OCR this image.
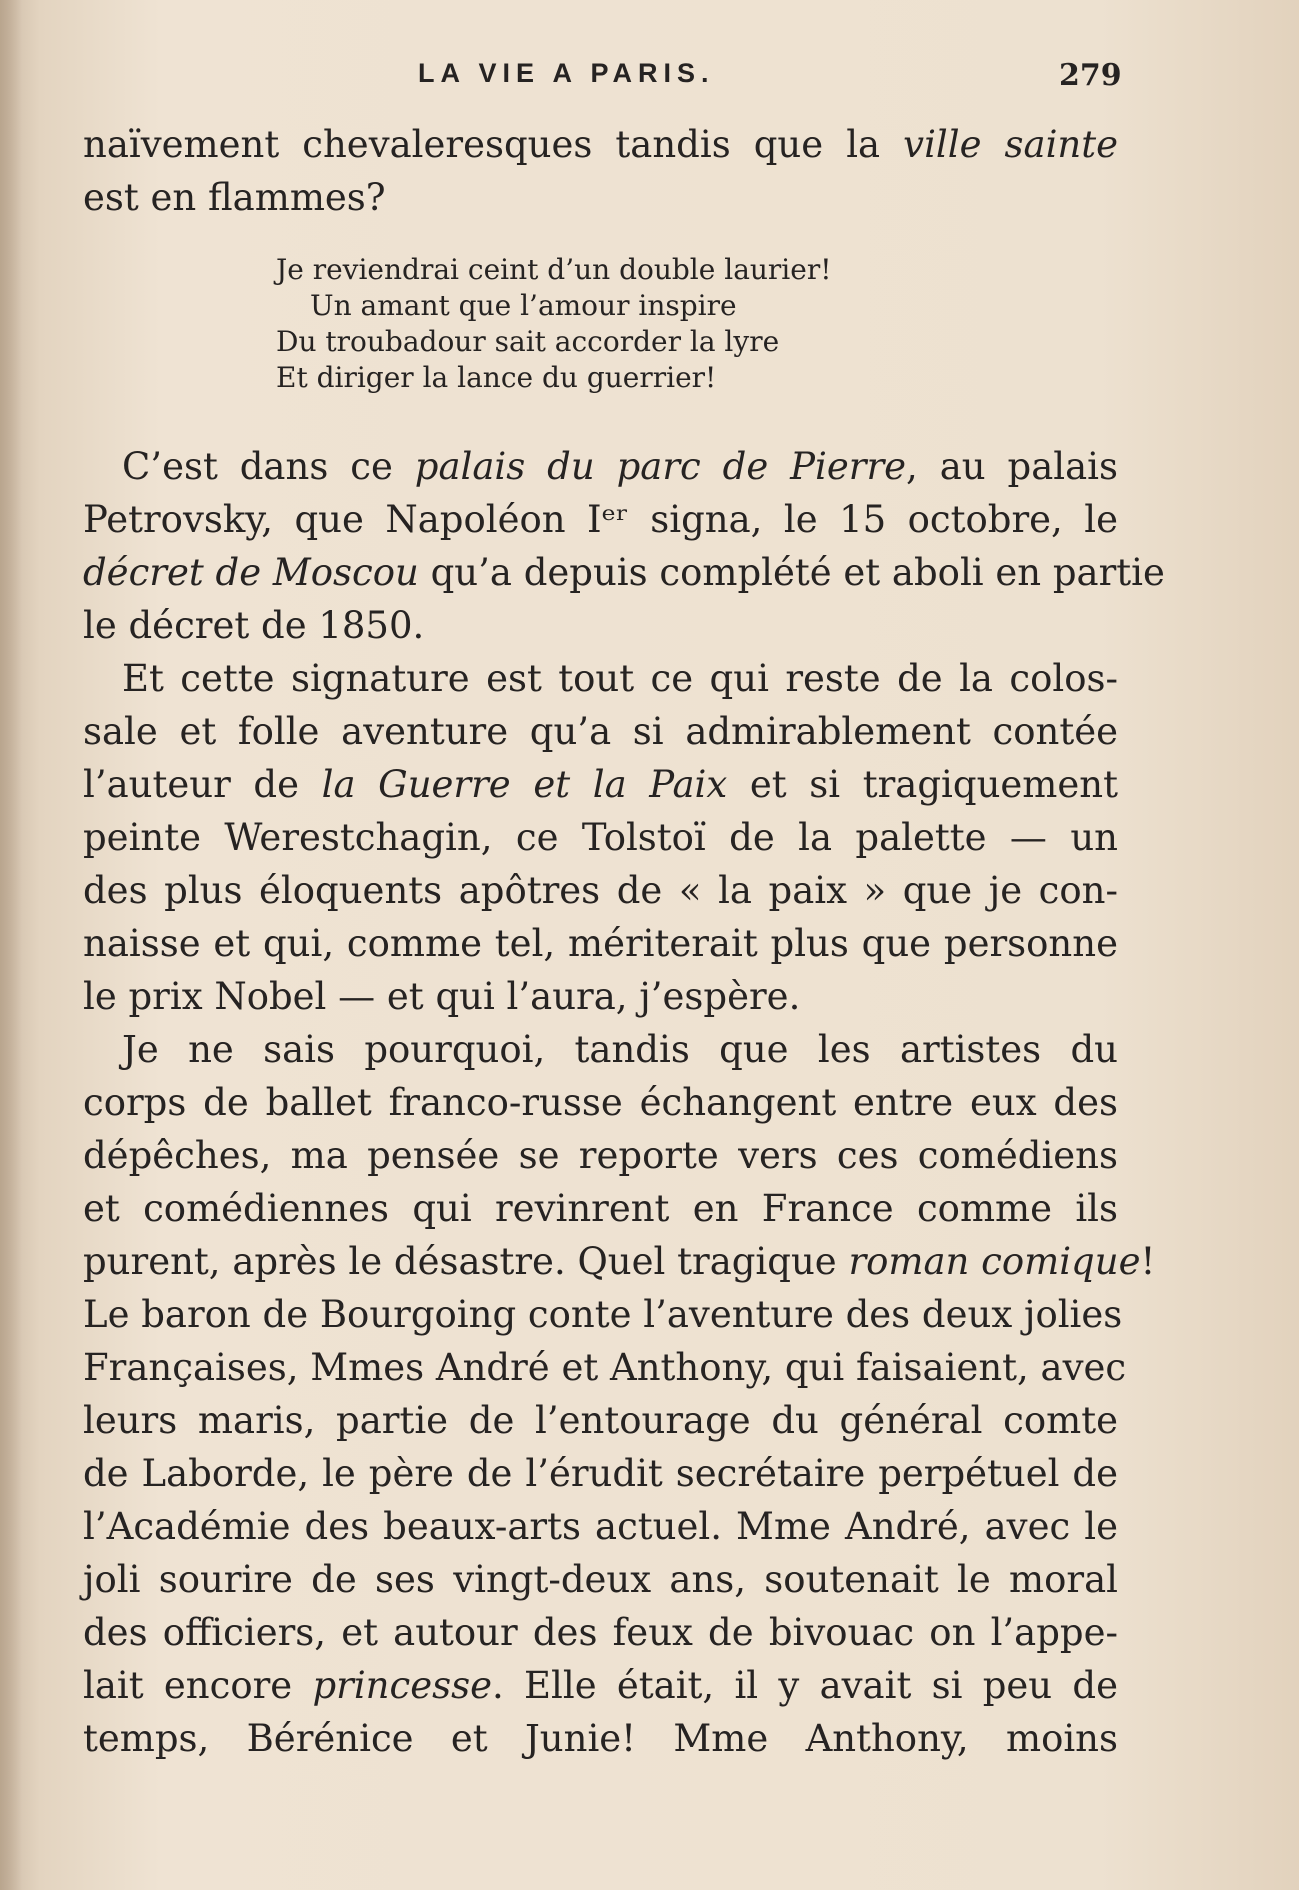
LA VIE A PARIS.	279
naïvement chevaleresques tandis que la ville sainte
est en flammes?
Je reviendrai ceint d’un double laurier!
Un amant que l’amour inspire
Du troubadour sait accorder la lyre
Et diriger la lance du guerrier!
C’est dans ce palais du parc de Pierre, au palais
Petrovsky, que Napoléon Iᵉʳ signa, le 15 octobre, le
décret de Moscou qu’a depuis complété et aboli en partie
le décret de 1850.
Et cette signature est tout ce qui reste de la colos-
sale et folle aventure qu’a si admirablement contée
l’auteur de la Guerre et la Paix et si tragiquement
peinte Werestchagin, ce Tolstoï de la palette — un
des plus éloquents apôtres de « la paix » que je con-
naisse et qui, comme tel, mériterait plus que personne
le prix Nobel — et qui l’aura, j’espère.
Je ne sais pourquoi, tandis que les artistes du
corps de ballet franco-russe échangent entre eux des
dépêches, ma pensée se reporte vers ces comédiens
et comédiennes qui revinrent en France comme ils
purent, après le désastre. Quel tragique roman comique!
Le baron de Bourgoing conte l’aventure des deux jolies
Françaises, Mmes André et Anthony, qui faisaient, avec
leurs maris, partie de l’entourage du général comte
de Laborde, le père de l’érudit secrétaire perpétuel de
l’Académie des beaux-arts actuel. Mme André, avec le
joli sourire de ses vingt-deux ans, soutenait le moral
des officiers, et autour des feux de bivouac on l’appe-
lait encore princesse. Elle était, il y avait si peu de
temps, Bérénice et Junie! Mme Anthony, moins
